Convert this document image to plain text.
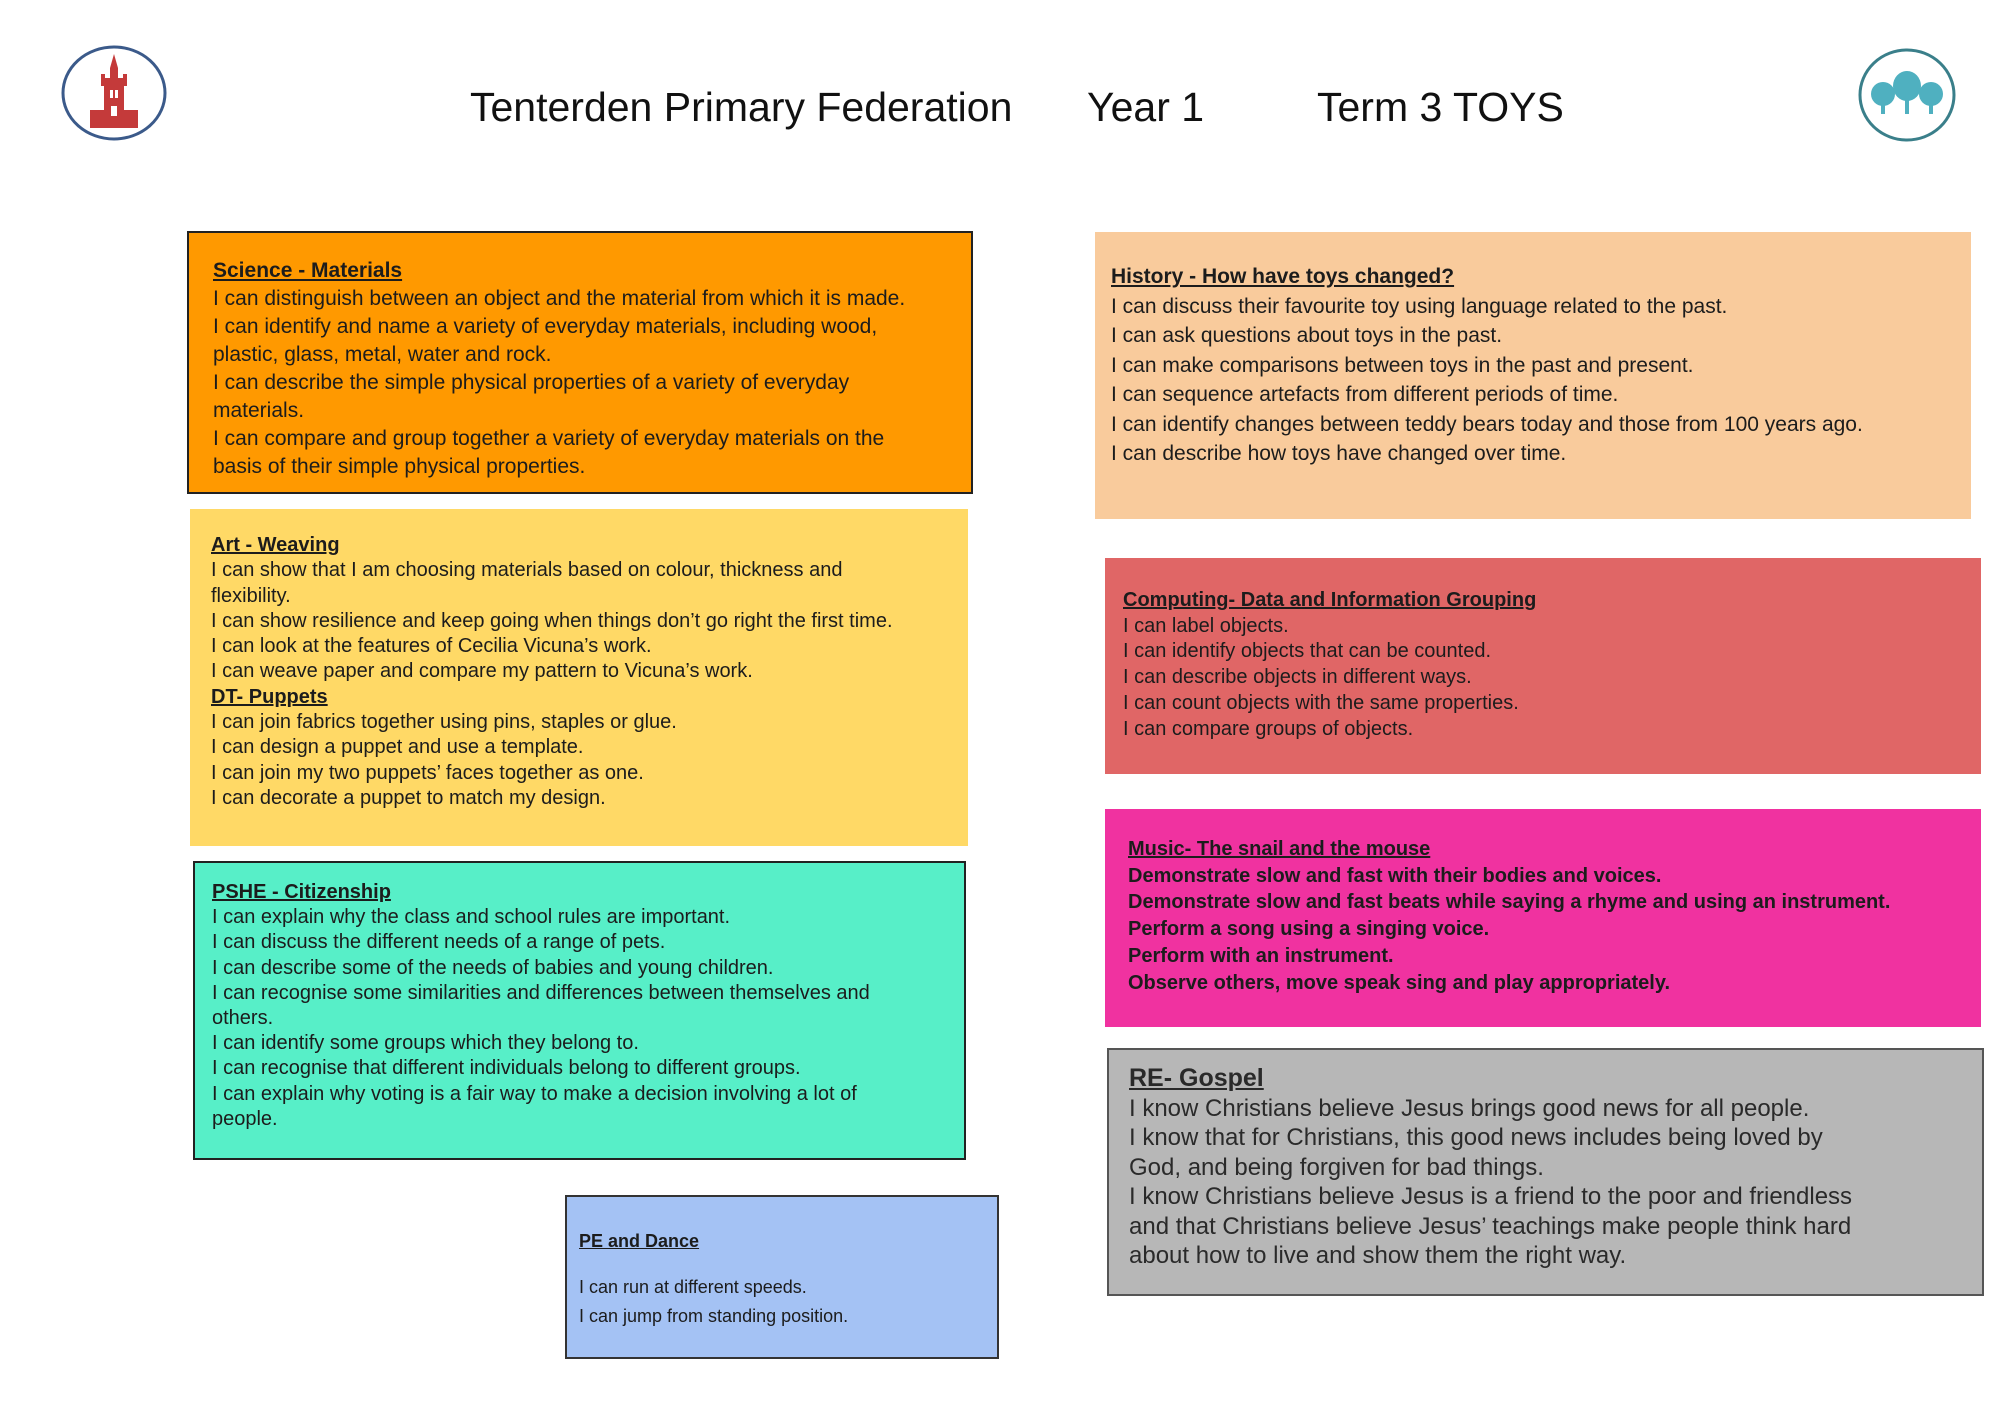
Tenterden Primary Federation Year 1	Term 3 TOYS
Science - Materials
I can distinguish between an object and the material from which it is made.
I can identify and name a variety of everyday materials, including wood,
plastic, glass, metal, water and rock.
I can describe the simple physical properties of a variety of everyday
materials.
I can compare and group together a variety of everyday materials on the
basis of their simple physical properties.
History - How have toys changed?
I can discuss their favourite toy using language related to the past.
I can ask questions about toys in the past.
I can make comparisons between toys in the past and present.
I can sequence artefacts from different periods of time.
I can identify changes between teddy bears today and those from 100 years ago.
I can describe how toys have changed over time.
Art - Weaving
I can show that I am choosing materials based on colour, thickness and
flexibility.
I can show resilience and keep going when things don’t go right the first time.
I can look at the features of Cecilia Vicuna’s work.
I can weave paper and compare my pattern to Vicuna’s work.
DT- Puppets
I can join fabrics together using pins, staples or glue.
I can design a puppet and use a template.
I can join my two puppets’ faces together as one.
I can decorate a puppet to match my design.
Computing- Data and Information Grouping
I can label objects.
I can identify objects that can be counted.
I can describe objects in different ways.
I can count objects with the same properties.
I can compare groups of objects.
Music- The snail and the mouse
Demonstrate slow and fast with their bodies and voices.
Demonstrate slow and fast beats while saying a rhyme and using an instrument.
Perform a song using a singing voice.
Perform with an instrument.
Observe others, move speak sing and play appropriately.
PSHE - Citizenship
I can explain why the class and school rules are important.
I can discuss the different needs of a range of pets.
I can describe some of the needs of babies and young children.
I can recognise some similarities and differences between themselves and
others.
I can identify some groups which they belong to.
I can recognise that different individuals belong to different groups.
I can explain why voting is a fair way to make a decision involving a lot of
people.
RE- Gospel
I know Christians believe Jesus brings good news for all people.
I know that for Christians, this good news includes being loved by
God, and being forgiven for bad things.
I know Christians believe Jesus is a friend to the poor and friendless
and that Christians believe Jesus’ teachings make people think hard
about how to live and show them the right way.
PE and Dance
I can run at different speeds.
I can jump from standing position.
